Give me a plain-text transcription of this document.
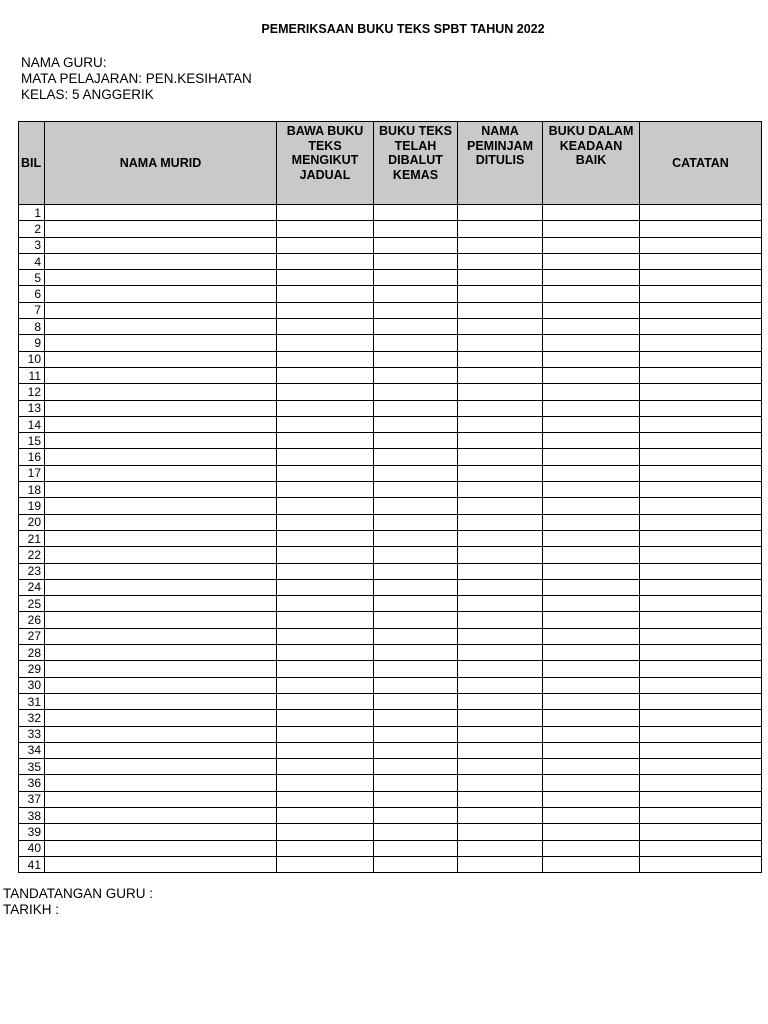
PEMERIKSAAN BUKU TEKS SPBT TAHUN 2022
NAMA GURU:
MATA PELAJARAN: PEN.KESIHATAN
KELAS: 5 ANGGERIK
BIL	NAMA MURID	BAWA BUKU TEKS MENGIKUT JADUAL	BUKU TEKS TELAH DIBALUT KEMAS	NAMA PEMINJAM DITULIS	BUKU DALAM KEADAAN BAIK	CATATAN
1						
2						
3						
4						
5						
6						
7						
8						
9						
10						
11						
12						
13						
14						
15						
16						
17						
18						
19						
20						
21						
22						
23						
24						
25						
26						
27						
28						
29						
30						
31						
32						
33						
34						
35						
36						
37						
38						
39						
40						
41						
TANDATANGAN GURU :
TARIKH :
